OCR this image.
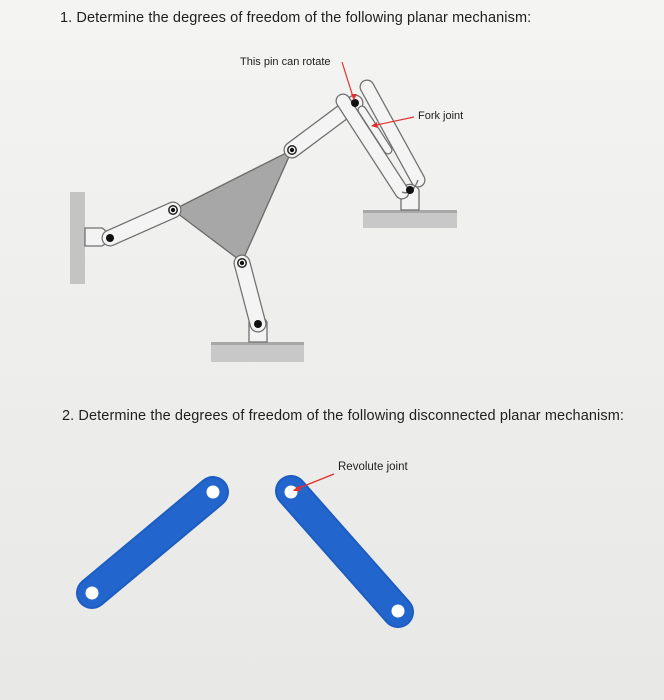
1. Determine the degrees of freedom of the following planar mechanism:
This pin can rotate
Fork joint
2. Determine the degrees of freedom of the following disconnected planar mechanism:
Revolute joint
